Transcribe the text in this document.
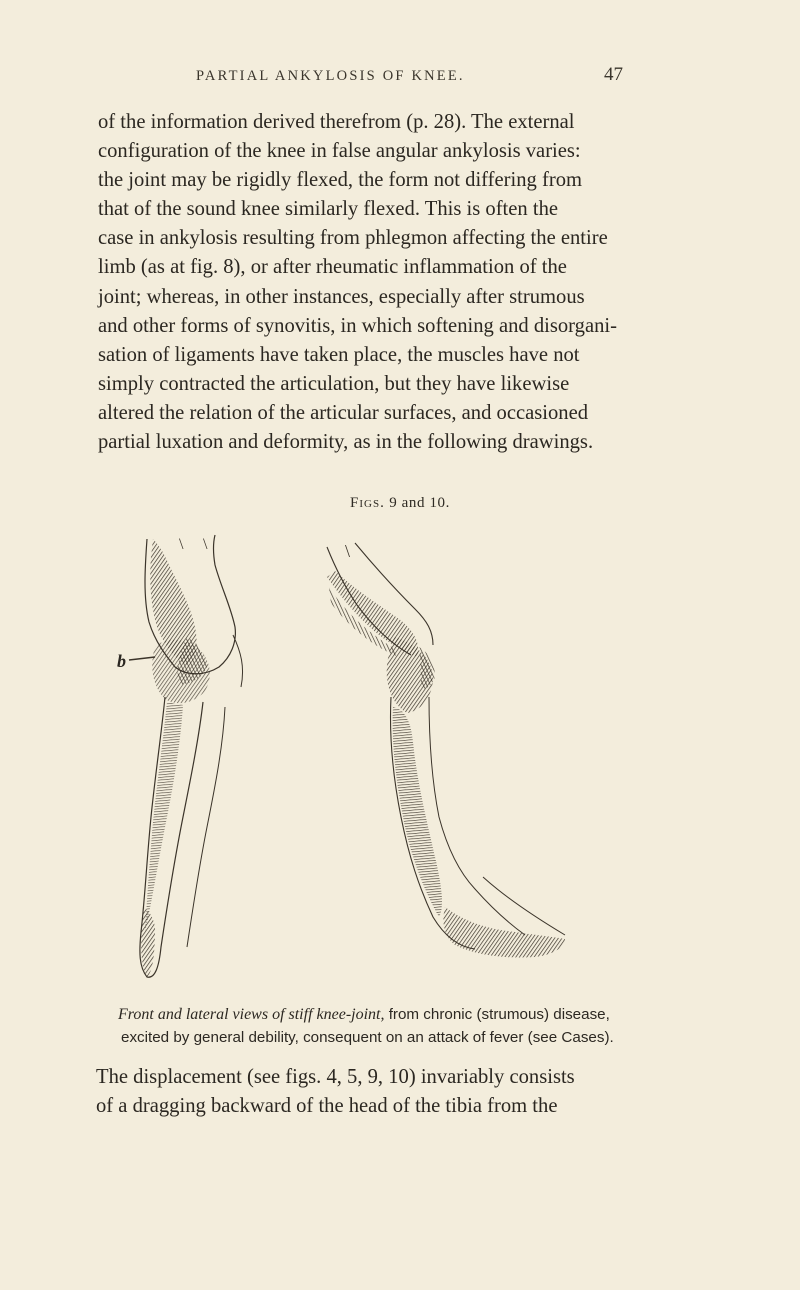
PARTIAL ANKYLOSIS OF KNEE.	47

of the information derived therefrom (p. 28). The external

configuration of the knee in false angular ankylosis varies:

the joint may be rigidly flexed, the form not differing from

that of the sound knee similarly flexed. This is often the

case in ankylosis resulting from phlegmon affecting the entire

limb (as at fig. 8), or after rheumatic inflammation of the

joint; whereas, in other instances, especially after strumous

and other forms of synovitis, in which softening and disorgani-

sation of ligaments have taken place, the muscles have not

simply contracted the articulation, but they have likewise

altered the relation of the articular surfaces, and occasioned

partial luxation and deformity, as in the following drawings.

Figs. 9 and 10.
\ \	\
b
Front and lateral views of stiff knee-joint, from chronic (strumous) disease,
excited by general debility, consequent on an attack of fever (see Cases).

The displacement (see figs. 4, 5, 9, 10) invariably consists

of a dragging backward of the head of the tibia from the
